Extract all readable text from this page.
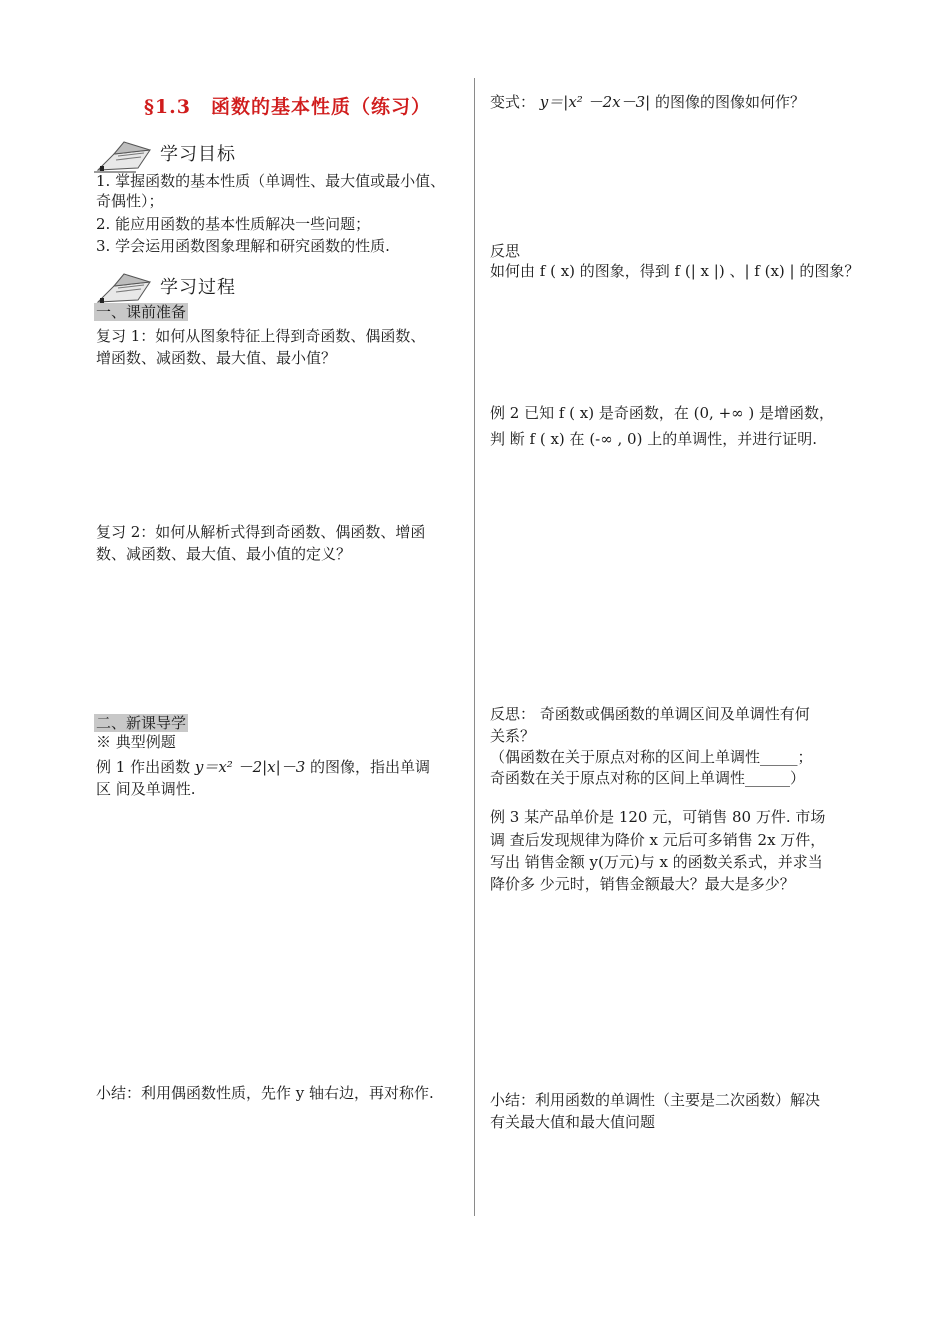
§1.3　函数的基本性质（练习）
学习目标
1. 掌握函数的基本性质（单调性、最大值或最小值、
奇偶性）；
2. 能应用函数的基本性质解决一些问题；
3. 学会运用函数图象理解和研究函数的性质.
学习过程
一、课前准备
复习 1：如何从图象特征上得到奇函数、偶函数、
增函数、减函数、最大值、最小值？
复习 2：如何从解析式得到奇函数、偶函数、增函
数、减函数、最大值、最小值的定义？
二、新课导学
※ 典型例题
例 1 作出函数 y＝x² －2|x|－3 的图像，指出单调
区 间及单调性.
小结：利用偶函数性质，先作 y 轴右边，再对称作.
变式： y＝|x² －2x－3| 的图像的图像如何作？
反思
如何由 f ( x) 的图象，得到 f (| x |) 、| f (x) | 的图象？
例 2 已知 f ( x) 是奇函数，在 (0, +∞ ) 是增函数，
判 断 f ( x) 在 (-∞ , 0) 上的单调性，并进行证明.
反思： 奇函数或偶函数的单调区间及单调性有何
关系？
（偶函数在关于原点对称的区间上单调性_____；
奇函数在关于原点对称的区间上单调性______）
例 3 某产品单价是 120 元，可销售 80 万件. 市场
调 查后发现规律为降价 x 元后可多销售 2x 万件，
写出 销售金额 y(万元)与 x 的函数关系式，并求当
降价多 少元时，销售金额最大？最大是多少？
小结：利用函数的单调性（主要是二次函数）解决
有关最大值和最大值问题
